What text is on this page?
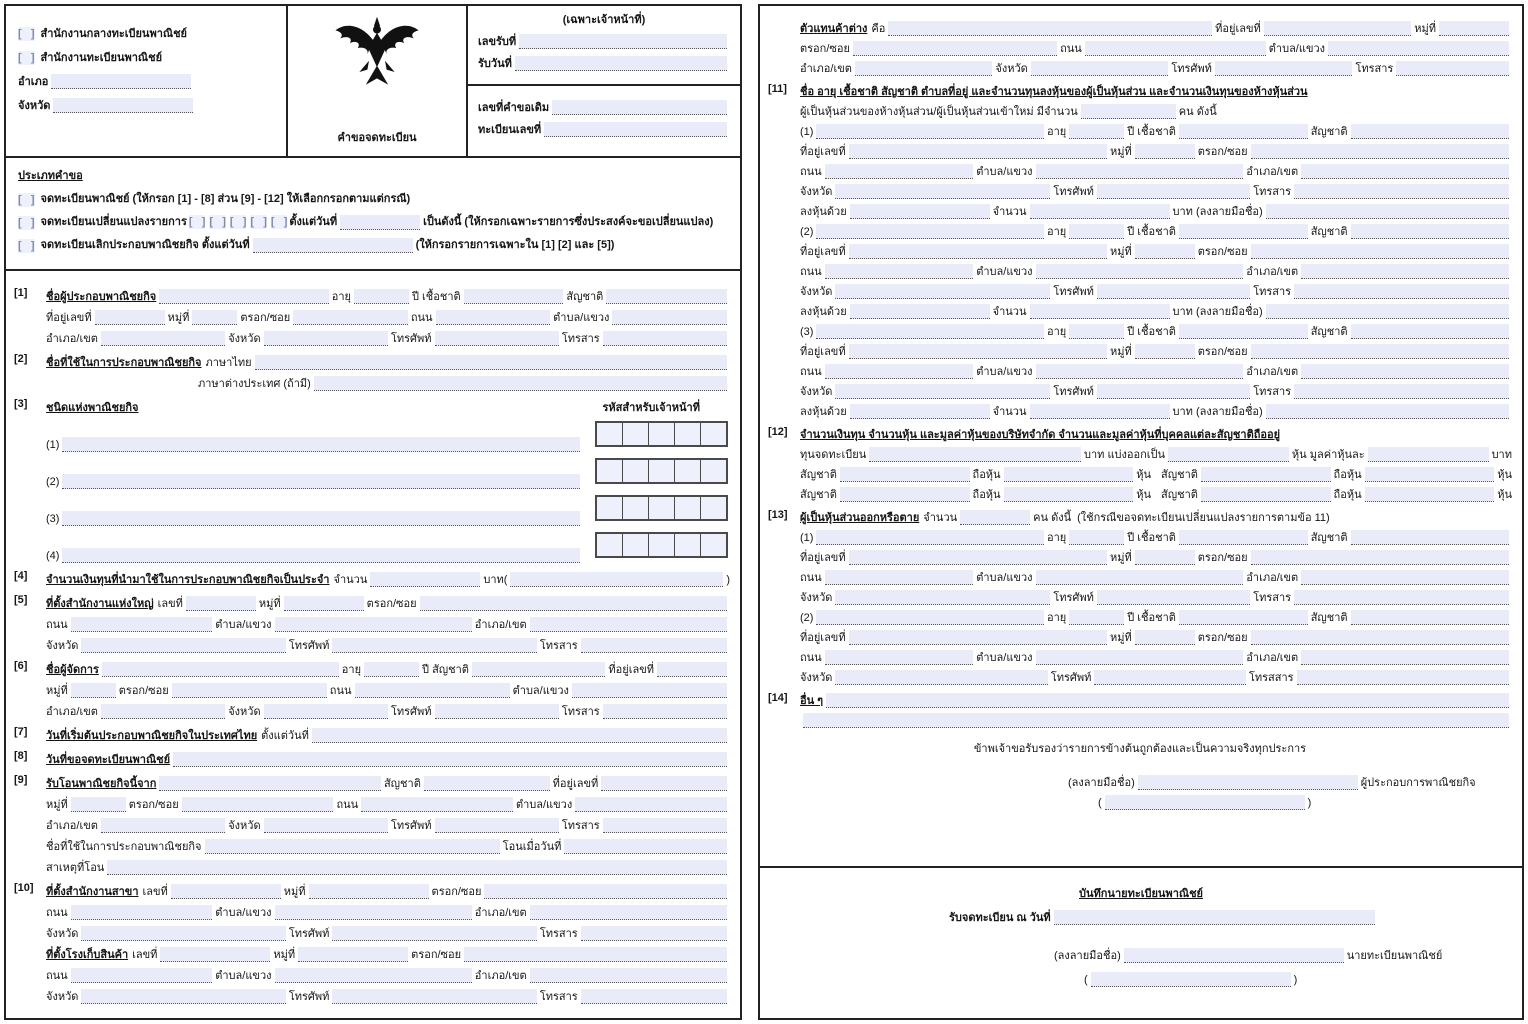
[   ]
สำนักงานกลางทะเบียนพาณิชย์
[   ]
สำนักงานทะเบียนพาณิชย์
อำเภอ
จังหวัด
คำขอจดทะเบียน
(เฉพาะเจ้าหน้าที่)
เลขรับที่
รับวันที่
เลขที่คำขอเดิม
ทะเบียนเลขที่
ประเภทคำขอ
[   ]
จดทะเบียนพาณิชย์ (ให้กรอก [1] - [8] ส่วน [9] - [12] ให้เลือกกรอกตามแต่กรณี)
[   ]
จดทะเบียนเปลี่ยนแปลงรายการ [   ] [   ] [   ] [   ] [   ]	ตั้งแต่วันที่	เป็นดังนี้ (ให้กรอกเฉพาะรายการซึ่งประสงค์จะขอเปลี่ยนแปลง)
[   ]
จดทะเบียนเลิกประกอบพาณิชยกิจ ตั้งแต่วันที่	(ให้กรอกรายการเฉพาะใน [1] [2] และ [5])
[1]	ชื่อผู้ประกอบพาณิชยกิจ	อายุ	ปี เชื้อชาติ	สัญชาติ
ที่อยู่เลขที่	หมู่ที่	ตรอก/ซอย	ถนน	ตำบล/แขวง
อำเภอ/เขต	จังหวัด	โทรศัพท์	โทรสาร
[2]	ชื่อที่ใช้ในการประกอบพาณิชยกิจ ภาษาไทย
ภาษาต่างประเทศ (ถ้ามี)
[3]	ชนิดแห่งพาณิชยกิจ	รหัสสำหรับเจ้าหน้าที่
(1)
(2)
(3)
(4)
[4]	จำนวนเงินทุนที่นำมาใช้ในการประกอบพาณิชยกิจเป็นประจำ จำนวน	บาท (	)
[5]	ที่ตั้งสำนักงานแห่งใหญ่ เลขที่	หมู่ที่	ตรอก/ซอย
ถนน	ตำบล/แขวง	อำเภอ/เขต
จังหวัด	โทรศัพท์	โทรสาร
[6]	ชื่อผู้จัดการ	อายุ	ปี สัญชาติ	ที่อยู่เลขที่
หมู่ที่	ตรอก/ซอย	ถนน	ตำบล/แขวง
อำเภอ/เขต	จังหวัด	โทรศัพท์	โทรสาร
[7]	วันที่เริ่มต้นประกอบพาณิชยกิจในประเทศไทย ตั้งแต่วันที่
[8]	วันที่ขอจดทะเบียนพาณิชย์
[9]	รับโอนพาณิชยกิจนี้จาก	สัญชาติ	ที่อยู่เลขที่
หมู่ที่	ตรอก/ซอย	ถนน	ตำบล/แขวง
อำเภอ/เขต	จังหวัด	โทรศัพท์	โทรสาร
ชื่อที่ใช้ในการประกอบพาณิชยกิจ	โอนเมื่อวันที่
สาเหตุที่โอน
[10]	ที่ตั้งสำนักงานสาขา เลขที่	หมู่ที่	ตรอก/ซอย
ถนน	ตำบล/แขวง	อำเภอ/เขต
จังหวัด	โทรศัพท์	โทรสาร
ที่ตั้งโรงเก็บสินค้า เลขที่	หมู่ที่	ตรอก/ซอย
ถนน	ตำบล/แขวง	อำเภอ/เขต
จังหวัด	โทรศัพท์	โทรสาร
ตัวแทนค้าต่าง คือ	ที่อยู่เลขที่	หมู่ที่
ตรอก/ซอย	ถนน	ตำบล/แขวง
อำเภอ/เขต	จังหวัด	โทรศัพท์	โทรสาร
[11]	ชื่อ อายุ เชื้อชาติ สัญชาติ ตำบลที่อยู่ และจำนวนทุนลงหุ้นของผู้เป็นหุ้นส่วน และจำนวนเงินทุนของห้างหุ้นส่วน
ผู้เป็นหุ้นส่วนของห้างหุ้นส่วน/ผู้เป็นหุ้นส่วนเข้าใหม่ มีจำนวน	คน ดังนี้
(1)	อายุ	ปี เชื้อชาติ	สัญชาติ
ที่อยู่เลขที่	หมู่ที่	ตรอก/ซอย
ถนน	ตำบล/แขวง	อำเภอ/เขต
จังหวัด	โทรศัพท์	โทรสาร
ลงหุ้นด้วย	จำนวน	บาท (ลงลายมือชื่อ)
(2)	อายุ	ปี เชื้อชาติ	สัญชาติ
ที่อยู่เลขที่	หมู่ที่	ตรอก/ซอย
ถนน	ตำบล/แขวง	อำเภอ/เขต
จังหวัด	โทรศัพท์	โทรสาร
ลงหุ้นด้วย	จำนวน	บาท (ลงลายมือชื่อ)
(3)	อายุ	ปี เชื้อชาติ	สัญชาติ
ที่อยู่เลขที่	หมู่ที่	ตรอก/ซอย
ถนน	ตำบล/แขวง	อำเภอ/เขต
จังหวัด	โทรศัพท์	โทรสาร
ลงหุ้นด้วย	จำนวน	บาท (ลงลายมือชื่อ)
[12]	จำนวนเงินทุน จำนวนหุ้น และมูลค่าหุ้นของบริษัทจำกัด จำนวนและมูลค่าหุ้นที่บุคคลแต่ละสัญชาติถืออยู่
ทุนจดทะเบียน	บาท แบ่งออกเป็น	หุ้น มูลค่าหุ้นละ	บาท
สัญชาติ	ถือหุ้น	หุ้น สัญชาติ	ถือหุ้น	หุ้น
สัญชาติ	ถือหุ้น	หุ้น สัญชาติ	ถือหุ้น	หุ้น
[13]	ผู้เป็นหุ้นส่วนออกหรือตาย จำนวน	คน ดังนี้ (ใช้กรณีขอจดทะเบียนเปลี่ยนแปลงรายการตามข้อ 11)
(1)	อายุ	ปี เชื้อชาติ	สัญชาติ
ที่อยู่เลขที่	หมู่ที่	ตรอก/ซอย
ถนน	ตำบล/แขวง	อำเภอ/เขต
จังหวัด	โทรศัพท์	โทรสาร
(2)	อายุ	ปี เชื้อชาติ	สัญชาติ
ที่อยู่เลขที่	หมู่ที่	ตรอก/ซอย
ถนน	ตำบล/แขวง	อำเภอ/เขต
จังหวัด	โทรศัพท์	โทรสสาร
[14]	อื่น ๆ
ข้าพเจ้าขอรับรองว่ารายการข้างต้นถูกต้องและเป็นความจริงทุกประการ
(ลงลายมือชื่อ)	ผู้ประกอบการพาณิชยกิจ
(	)
บันทึกนายทะเบียนพาณิชย์
รับจดทะเบียน ณ วันที่
(ลงลายมือชื่อ)	นายทะเบียนพาณิชย์
(	)
